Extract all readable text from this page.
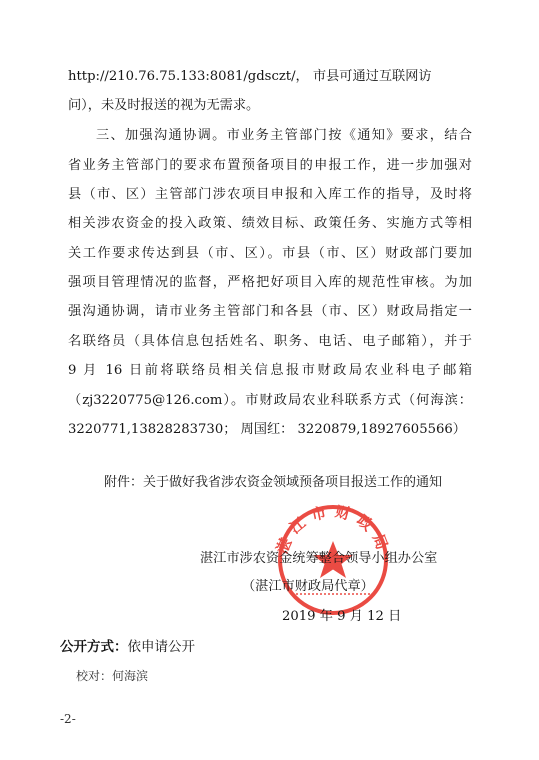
http://210.76.75.133:8081/gdsczt/， 市县可通过互联网访
问），未及时报送的视为无需求。
三、加强沟通协调。市业务主管部门按《通知》要求，结合
省业务主管部门的要求布置预备项目的申报工作，进一步加强对
县（市、区）主管部门涉农项目申报和入库工作的指导，及时将
相关涉农资金的投入政策、绩效目标、政策任务、实施方式等相
关工作要求传达到县（市、区）。市县（市、区）财政部门要加
强项目管理情况的监督，严格把好项目入库的规范性审核。为加
强沟通协调，请市业务主管部门和各县（市、区）财政局指定一
名联络员（具体信息包括姓名、职务、电话、电子邮箱），并于
9 月 16 日前将联络员相关信息报市财政局农业科电子邮箱
（zj3220775@126.com）。市财政局农业科联系方式（何海滨：
3220771,13828283730； 周国红： 3220879,18927605566）
附件：关于做好我省涉农资金领域预备项目报送工作的通知
湛江市财政局
湛江市涉农资金统筹整合领导小组办公室
（湛江市财政局代章）
2019 年 9 月 12 日
公开方式：依申请公开
校对：何海滨
-2-
